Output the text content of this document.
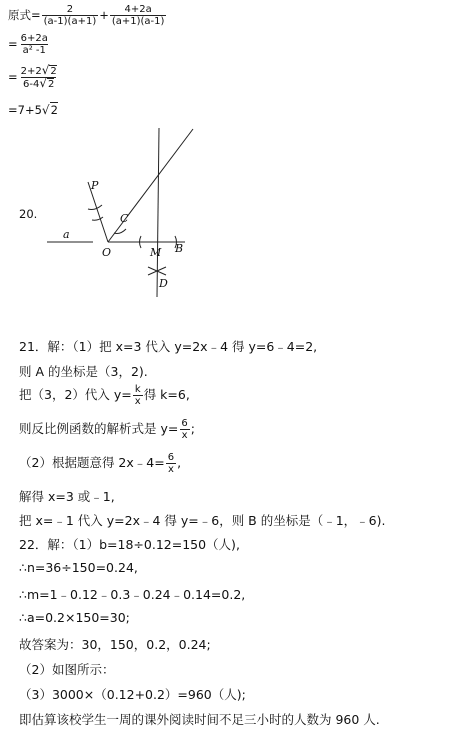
原式= $\frac{2}{(a-1)(a+1)} + \frac{4+2a}{(a+1)(a-1)}$
= $\frac{6+2a}{\text{a² -1}}$
= $\frac{2+2√2}{6-4√2}$
=7+5√2
20.
a
P
C
O	M B
D
21．解：（1）把 x=3 代入 y=2x﹣4 得 y=6﹣4=2,
则 A 的坐标是（3，2).
把（3，2）代入 $y= \frac{k}{x}$ 得 k=6,
则反比例函数的解析式是 $y= \frac{6}{x}$ ;
（2）根据题意得 2x﹣4= $\frac{6}{x}$ ,
解得 x=3 或﹣1,
把 x=﹣1 代入 y=2x﹣4 得 y=﹣6，则 B 的坐标是（﹣1，﹣6).
22．解：（1）b=18÷0.12=150（人),
∴n=36÷150=0.24,
∴m=1﹣0.12﹣0.3﹣0.24﹣0.14=0.2,
∴a=0.2×150=30;
故答案为：30，150，0.2，0.24;
（2）如图所示：
（3）3000×（0.12+0.2）=960（人);
即估算该校学生一周的课外阅读时间不足三小时的人数为 960 人.
